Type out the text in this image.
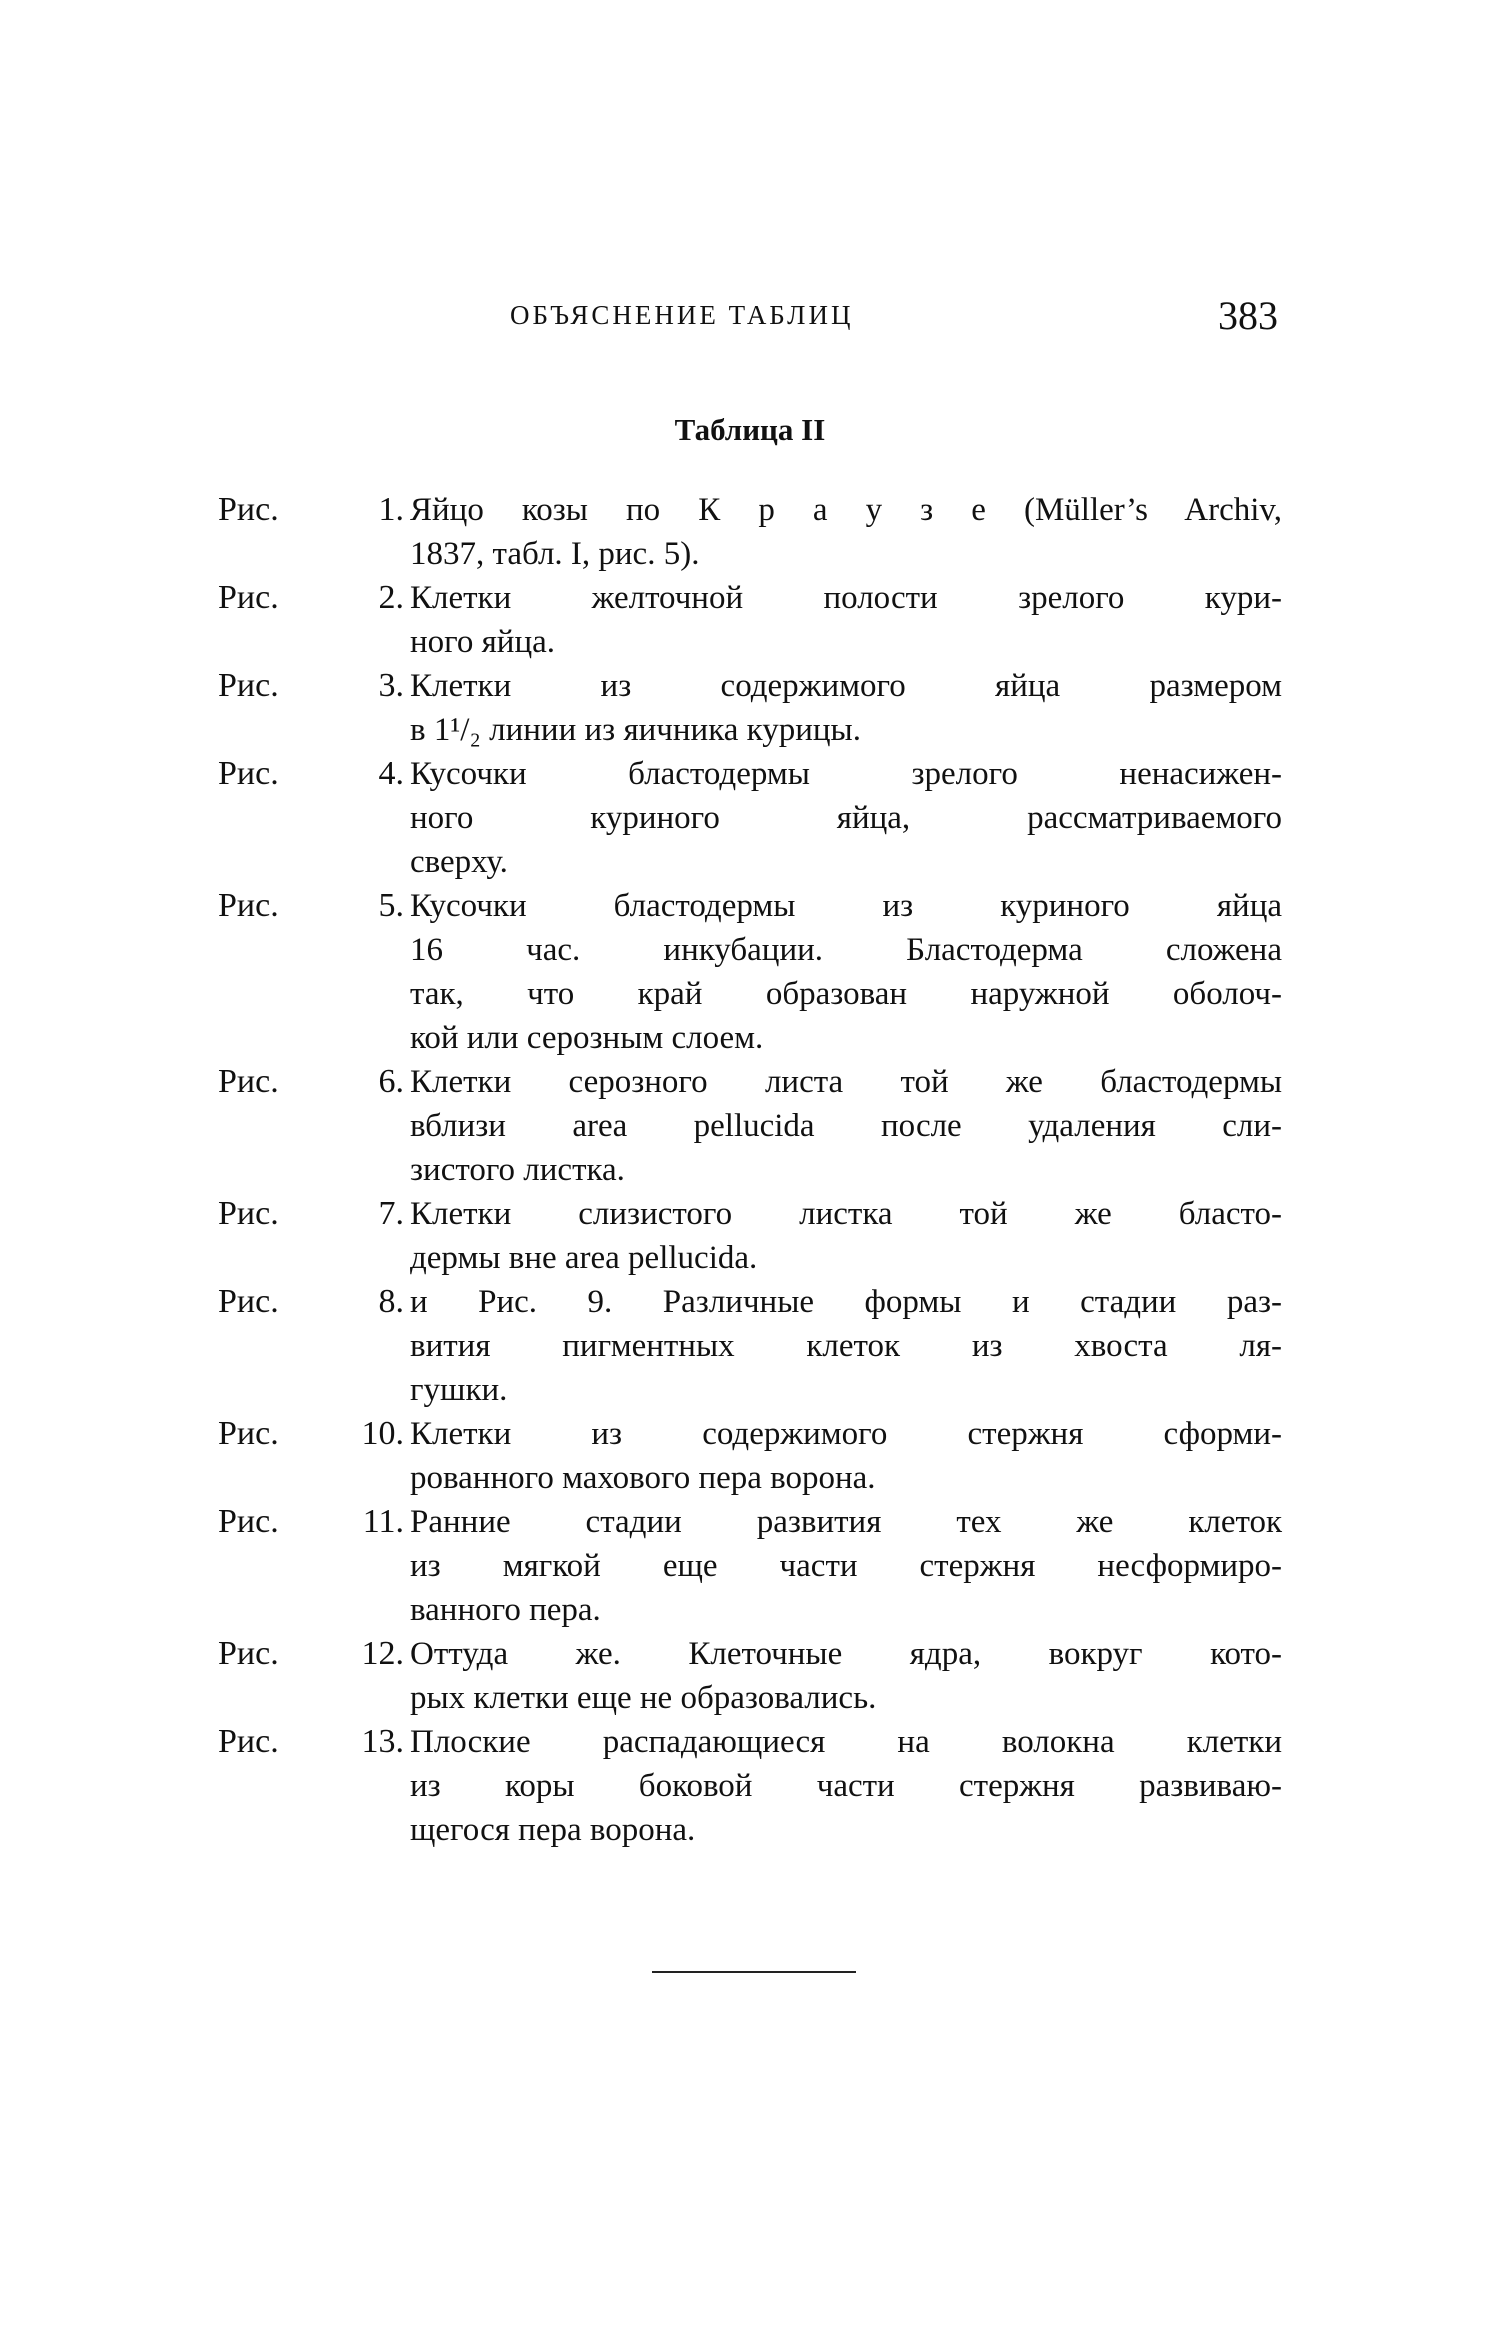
ОБЪЯСНЕНИЕ ТАБЛИЦ	383
Таблица II
Рис.	1. Яйцо козы по К р а у з е (Müller’s Archiv,
1837, табл. I, рис. 5).
Рис.	2. Клетки желточной полости зрелого кури-
ного яйца.
Рис.	3. Клетки из содержимого яйца размером
в 1¹/₂ линии из яичника курицы.
Рис.	4. Кусочки бластодермы зрелого ненасижен-
ного куриного яйца, рассматриваемого
сверху.
Рис.	5. Кусочки бластодермы из куриного яйца
16 час. инкубации. Бластодерма сложена
так, что край образован наружной оболоч-
кой или серозным слоем.
Рис.	6. Клетки серозного листа той же бластодермы
вблизи area pellucida после удаления сли-
зистого листка.
Рис.	7. Клетки слизистого листка той же бласто-
дермы вне area pellucida.
Рис.	8. и Рис. 9. Различные формы и стадии раз-
вития пигментных клеток из хвоста ля-
гушки.
Рис.	10. Клетки из содержимого стержня сформи-
рованного махового пера ворона.
Рис.	11. Ранние стадии развития тех же клеток
из мягкой еще части стержня несформиро-
ванного пера.
Рис.	12. Оттуда же. Клеточные ядра, вокруг кото-
рых клетки еще не образовались.
Рис.	13. Плоские распадающиеся на волокна клетки
из коры боковой части стержня развиваю-
щегося пера ворона.
